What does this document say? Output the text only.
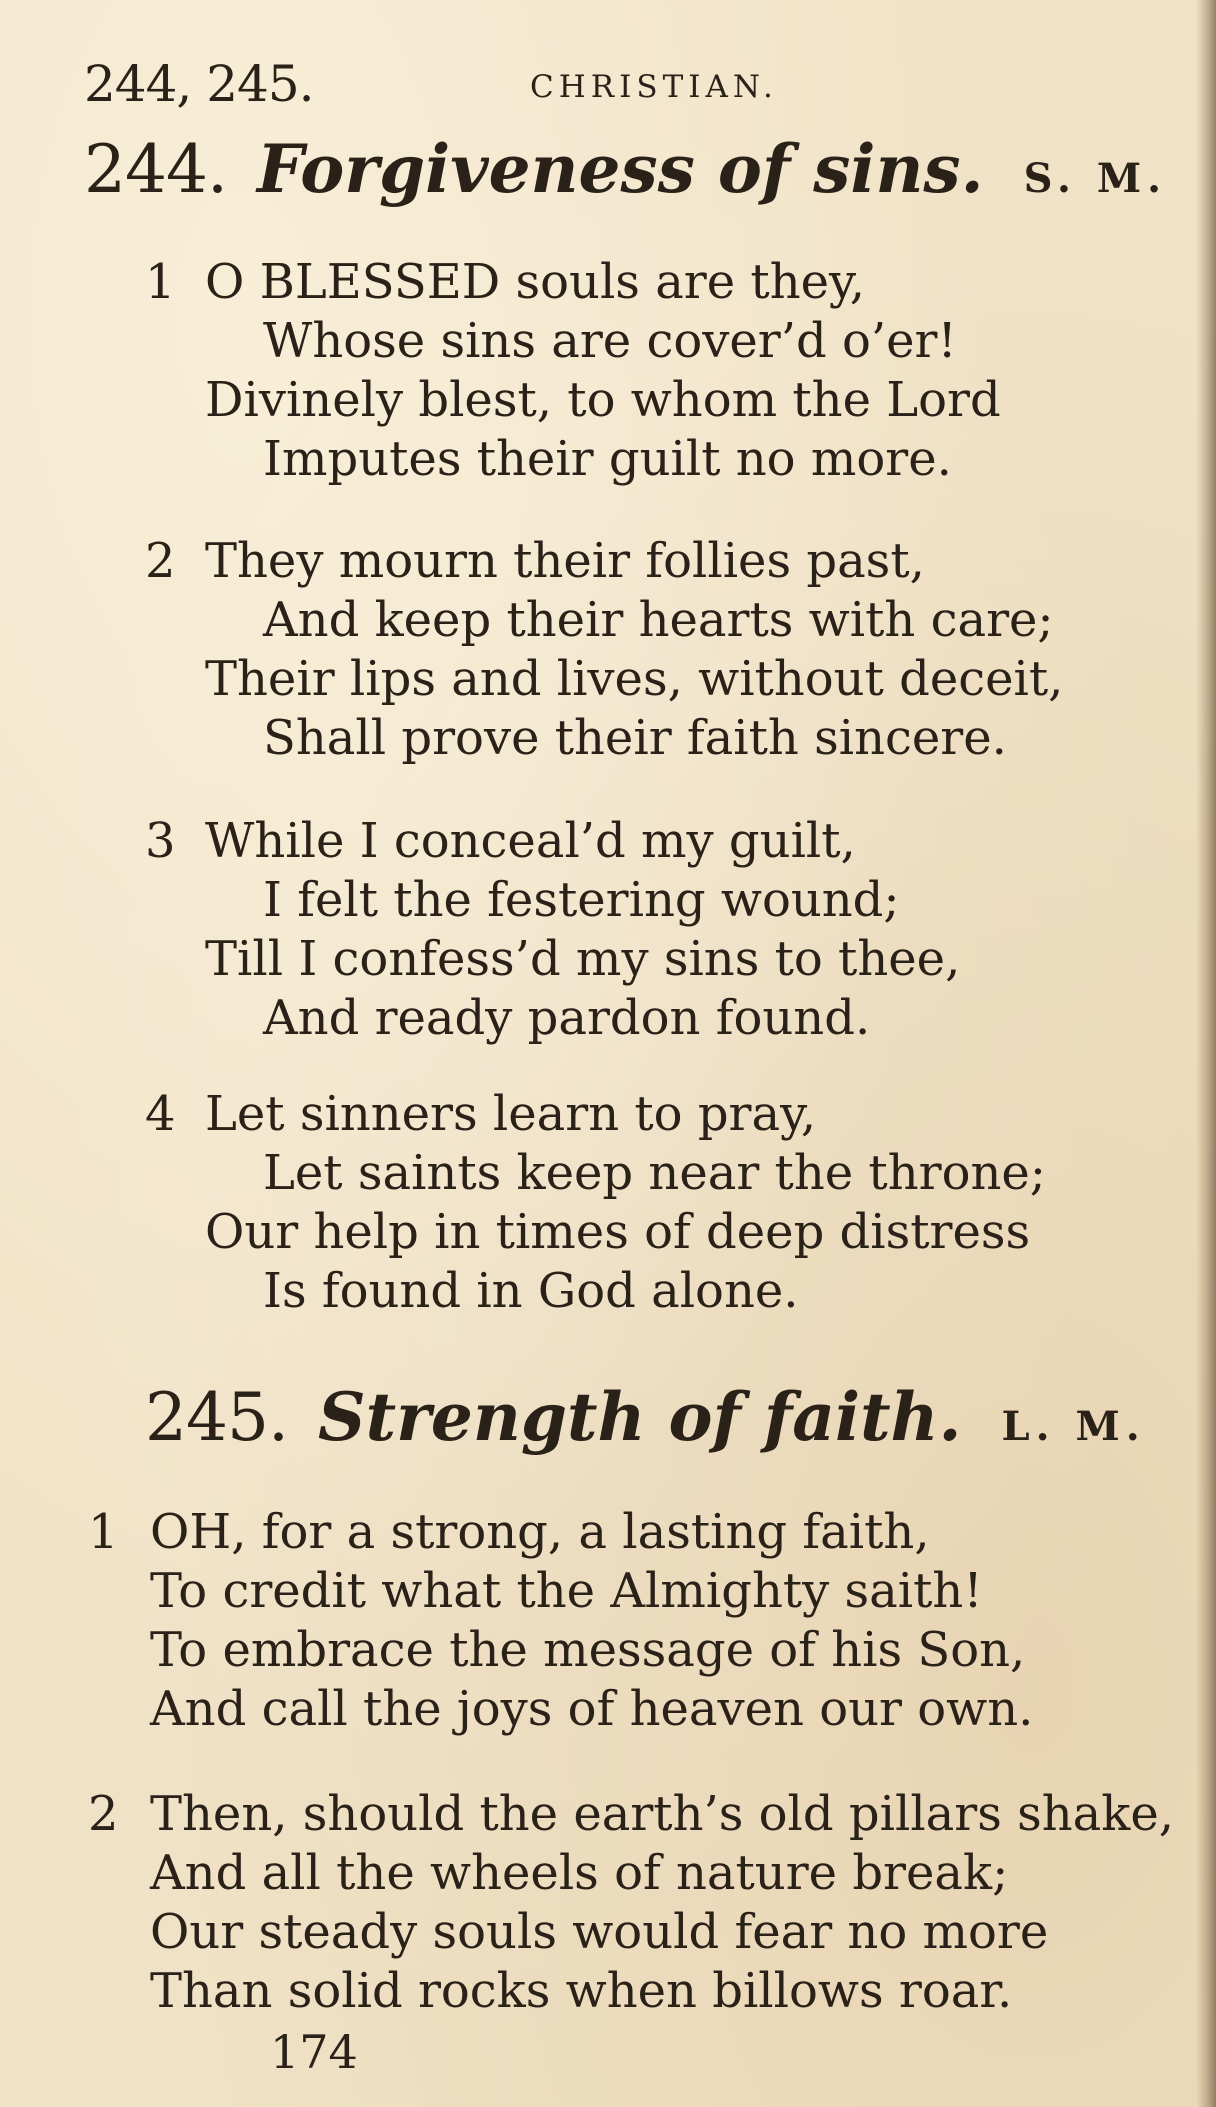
244, 245.	CHRISTIAN.
244. Forgiveness of sins. S. M.
1 O BLESSED souls are they,
Whose sins are cover’d o’er!
Divinely blest, to whom the Lord
Imputes their guilt no more.
2 They mourn their follies past,
And keep their hearts with care;
Their lips and lives, without deceit,
Shall prove their faith sincere.
3 While I conceal’d my guilt,
I felt the festering wound;
Till I confess’d my sins to thee,
And ready pardon found.
4 Let sinners learn to pray,
Let saints keep near the throne;
Our help in times of deep distress
Is found in God alone.
245. Strength of faith. L. M.
1 OH, for a strong, a lasting faith,
To credit what the Almighty saith!
To embrace the message of his Son,
And call the joys of heaven our own.
2 Then, should the earth’s old pillars shake,
And all the wheels of nature break;
Our steady souls would fear no more
Than solid rocks when billows roar.
174
